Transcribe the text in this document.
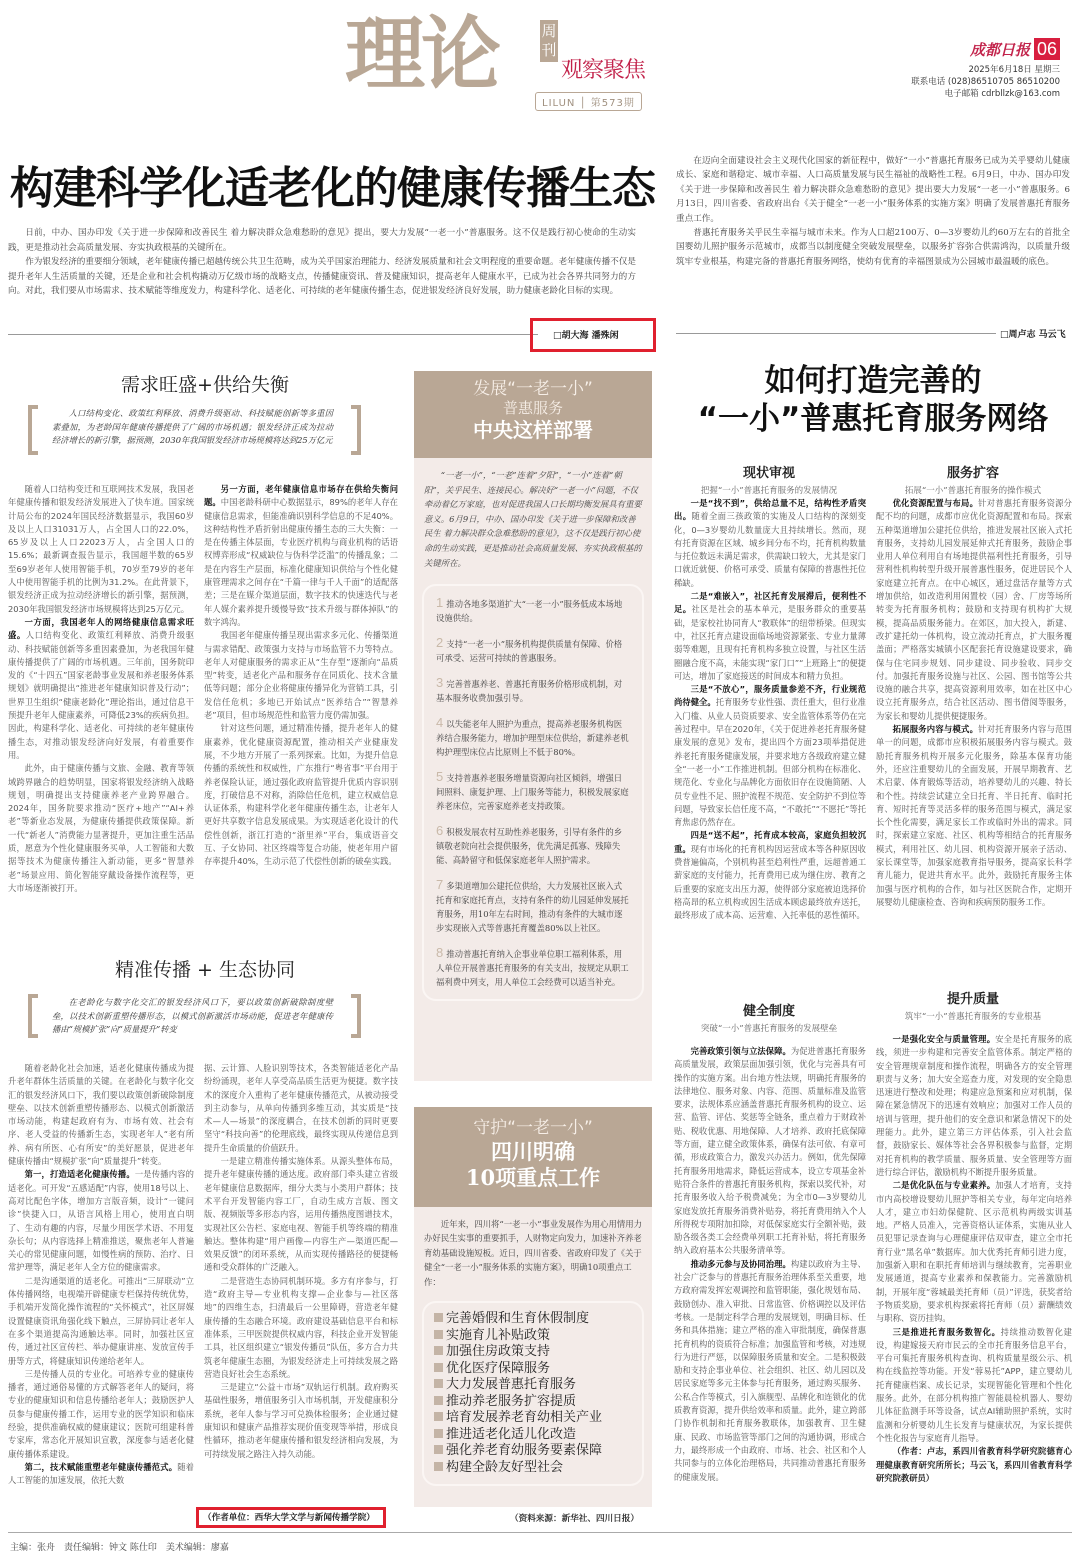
理论	周
刊
观察聚焦
LILUN │ 第573期
成都日报 06
2025年6月18日 星期三
联系电话 (028)86510705 86510200
电子邮箱 cdrbllzk@163.com
构建科学化适老化的健康传播生态

日前，中办、国办印发《关于进一步保障和改善民生 着力解决群众急难愁盼的意见》提出，要大力发展“一老一小”普惠服务。这不仅是践行初心使命的生动实践，更是推动社会高质量发展、夯实执政根基的关键所在。

作为银发经济的重要细分领域，老年健康传播已超越传统公共卫生范畴，成为关乎国家治理能力、经济发展质量和社会文明程度的重要命题。老年健康传播不仅是提升老年人生活质量的关键，还是企业和社会机构撬动万亿级市场的战略支点，传播健康资讯、普及健康知识，提高老年人健康水平，已成为社会各界共同努力的方向。对此，我们要从市场需求、技术赋能等维度发力，构建科学化、适老化、可持续的老年健康传播生态，促进银发经济良好发展，助力健康老龄化目标的实现。

□胡大海 潘殊闲

在迈向全面建设社会主义现代化国家的新征程中，做好“一小”普惠托育服务已成为关乎婴幼儿健康成长、家庭和谐稳定、城市幸福、人口高质量发展与民生福祉的战略性工程。6月9日，中办、国办印发《关于进一步保障和改善民生 着力解决群众急难愁盼的意见》提出要大力发展“一老一小”普惠服务。6月13日，四川省委、省政府出台《关于健全“一老一小”服务体系的实施方案》明确了发展普惠托育服务重点工作。

普惠托育服务关乎民生幸福与城市未来。作为人口超2100万、0—3岁婴幼儿约60万左右的首批全国婴幼儿照护服务示范城市，成都当以制度健全突破发展壁垒，以服务扩容弥合供需鸿沟，以质量升级筑牢专业根基，构建完备的普惠托育服务网络，使幼有优育的幸福图景成为公园城市最温暖的底色。

□周卢志 马云飞
需求旺盛+供给失衡

人口结构变化、政策红利释放、消费升级驱动、科技赋能创新等多重因素叠加，为老龄国年健康传播提供了广阔的市场机遇；银发经济正成为拉动经济增长的新引擎，据预测，2030年我国银发经济市场规模将达到25万亿元

随着人口结构变迁和互联网技术发展，我国老年健康传播和银发经济发展进入了快车道。国家统计局公布的2024年国民经济数据显示，我国60岁及以上人口31031万人，占全国人口的22.0%，65岁及以上人口22023万人，占全国人口的15.6%；最新调查报告显示，我国超半数的65岁至69岁老年人使用智能手机，70岁至79岁的老年人中使用智能手机的比例为31.2%。在此背景下，银发经济正成为拉动经济增长的新引擎，据预测，2030年我国银发经济市场规模将达到25万亿元。

一方面，我国老年人的网络健康信息需求旺盛。人口结构变化、政策红利释放、消费升级驱动、科技赋能创新等多重因素叠加，为老我国年健康传播提供了广阔的市场机遇。三年前，国务院印发的《“十四五”国家老龄事业发展和养老服务体系规划》就明确提出“推进老年健康知识普及行动”；世界卫生组织“健康老龄化”理论指出，通过信息干预提升老年人健康素养，可降低23%的疾病负担。因此，构建科学化、适老化、可持续的老年健康传播生态，对推动银发经济向好发展，有着重要作用。

此外，由于健康传播与文旅、金融、教育等领域跨界融合的趋势明显，国家将银发经济纳入战略规划，明确提出支持健康养老产业跨界融合。2024年，国务院要求推动“医疗+地产”“AI+养老”等新业态发展，为健康传播提供政策保障。新一代“新老人”消费能力显著提升，更加注重生活品质，愿意为个性化健康服务买单，人工智能和大数据等技术为健康传播注入新动能，更多“智慧养老”场景应用、简化智能穿戴设备操作流程等，更大市场逐渐被打开。

另一方面，老年健康信息市场存在供给失衡问题。中国老龄科研中心数据显示，89%的老年人存在健康信息需求，但能准确识别科学信息的不足40%。这种结构性矛盾折射出健康传播生态的三大失衡：一是在传播主体层面，专业医疗机构与商业机构的话语权博弈形成“权威缺位与伪科学泛滥”的传播乱象；二是在内容生产层面，标准化健康知识供给与个性化健康管理需求之间存在“千篇一律与千人千面”的适配落差；三是在媒介渠道层面，数字技术的快速迭代与老年人媒介素养提升缓慢导致“技术升级与群体掉队”的数字鸿沟。

我国老年健康传播呈现出需求多元化、传播渠道与需求错配、政策强力支持与市场监管不力等特点。老年人对健康服务的需求正从“生存型”逐渐向“品质型”转变，适老化产品和服务存在同质化、技术含量低等问题；部分企业将健康传播异化为营销工具，引发信任危机；多地已开始试点“医养结合”“智慧养老”项目，但市场规范性和监管力度仍需加强。

针对这些问题，通过精准传播，提升老年人的健康素养，优化健康资源配置，推动相关产业健康发展，不少地方开展了一系列探索。比如，为提升信息传播的系统性和权威性，广东推行“粤省事”平台用于养老保险认证，通过强化政府监管提升优质内容识别度，打破信息不对称，消除信任危机，建立权威信息认证体系，构建科学化老年健康传播生态，让老年人更好共享数字信息发展成果。为实现适老化设计的代偿性创新，浙江打造的“浙里养”平台，集成语音交互、子女协同、社区终端等复合功能，使老年用户留存率提升40%，生动示范了代偿性创新的破垒实践。

精准传播 + 生态协同

在老龄化与数字化交汇的银发经济风口下，要以政策创新破除制度壁垒，以技术创新重塑传播形态，以模式创新激活市场动能，促进老年健康传播由“规模扩张”向“质量提升”转变

随着老龄化社会加速，适老化健康传播成为提升老年群体生活质量的关键。在老龄化与数字化交汇的银发经济风口下，我们要以政策创新破除制度壁垒、以技术创新重塑传播形态、以模式创新激活市场动能，构建起政府有为、市场有效、社会有序、老人受益的传播新生态，实现老年人“老有所养、病有所医、心有所安”的美好愿景，促进老年健康传播由“规模扩张”向“质量提升”转变。

第一，打造适老化健康传播。一是传播内容的适老化。可开发“五感适配”内容，使用18号以上、高对比配色字体，增加方言版音频，设计“一键问诊”快捷入口，从语言风格上用心，使用直白明了、生动有趣的内容，尽量少用医学术语、不用复杂长句；从内容选择上精准推送，聚焦老年人普遍关心的常见健康问题，如慢性病的预防、治疗、日常护理等，满足老年人全方位的健康需求。

二是沟通渠道的适老化。可推出“三屏联动”立体传播网络，电视端开辟健康专栏保持传统优势，手机端开发简化操作流程的“关怀模式”，社区屏媒设置健康资讯角强化线下触点，三屏协同让老年人在多个渠道提高沟通触达率。同时，加强社区宣传，通过社区宣传栏、举办健康讲座、发放宣传手册等方式，将健康知识传递给老年人。

三是传播人员的专业化。可培养专业的健康传播者，通过通俗易懂的方式解答老年人的疑问，将专业的健康知识和信息传播给老年人；鼓励医护人员参与健康传播工作，运用专业的医学知识和临床经验，提供准确权威的健康建议；医院可组建科普专家库，常态化开展知识宣教，深度参与适老化健康传播体系建设。

第二，技术赋能重塑老年健康传播范式。随着人工智能的加速发展，依托大数

据、云计算、人脸识别等技术，各类智能适老化产品纷纷涌现，老年人享受高品质生活更为便捷。数字技术的深度介入重构了老年健康传播范式，从被动接受到主动参与，从单向传播到多维互动，其实质是“技术—人—场景”的深度耦合，在技术创新的同时更要坚守“科技向善”的伦理底线，最终实现从传递信息到提升生命质量的价值跃升。

一是建立精准传播实施体系。从源头整体布局，提升老年健康传播的通达度。政府部门牵头建立省级老年健康信息数据库，细分大类与小类用户群体；技术平台开发智能内容工厂，自动生成方言版、图文版、视频版等多形态内容，运用传播热度图谱技术，实现社区公告栏、家庭电视、智能手机等终端的精准触达。整体构建“用户画像—内容生产—渠道匹配—效果反馈”的闭环系统，从而实现传播路径的便捷畅通和受众群体的广泛融入。

二是营造生态协同机制环境。多方有序参与，打造“政府主导—专业机构支撑—企业参与—社区落地”的四维生态，扫清最后一公里障碍，营造老年健康传播的生态融合环境。政府建设基础信息平台和标准体系，三甲医院提供权威内容，科技企业开发智能工具，社区组织建立“银发传播员”队伍，多方合力共筑老年健康生态圈，为银发经济走上可持续发展之路营造良好社会生态系统。

三是建立“公益＋市场”双轨运行机制。政府购买基础性服务，增值服务引入市场机制，开发健康积分系统，老年人参与学习可兑换体检服务；企业通过健康知识和健康产品推荐实现价值变现等举措，形成良性循环，推动老年健康传播和银发经济相向发展，为可持续发展之路注入持久动能。

（作者单位：西华大学文学与新闻传播学院）
发展“一老一小”
普惠服务
中央这样部署

“一老一小”，“一老”连着“夕阳”，“一小”连着“朝阳”，关乎民生、连接民心。解决好“一老一小”问题，不仅牵动着亿万家庭，也对促进我国人口长期均衡发展具有重要意义。6月9日，中办、国办印发《关于进一步保障和改善民生 着力解决群众急难愁盼的意见》，这不仅是践行初心使命的生动实践，更是推动社会高质量发展、夯实执政根基的关键所在。

1 推动各地多渠道扩大“一老一小”服务低成本场地设施供给。

2 支持“一老一小”服务机构提供质量有保障、价格可承受、运营可持续的普惠服务。

3 完善普惠养老、普惠托育服务价格形成机制，对基本服务收费加强引导。

4 以失能老年人照护为重点，提高养老服务机构医养结合服务能力，增加护理型床位供给，新建养老机构护理型床位占比原则上不低于80%。

5 支持普惠养老服务增量资源向社区倾斜，增强日间照料、康复护理、上门服务等能力，积极发展家庭养老床位，完善家庭养老支持政策。

6 积极发展农村互助性养老服务，引导有条件的乡镇敬老院向社会提供服务，优先满足孤寡、残障失能、高龄留守和低保家庭老年人照护需求。

7 多渠道增加公建托位供给，大力发展社区嵌入式托育和家庭托育点，支持有条件的幼儿园延伸发展托育服务，用10年左右时间，推动有条件的大城市逐步实现嵌入式等普惠托育覆盖80%以上社区。

8 推动普惠托育纳入企事业单位职工福利体系，用人单位开展普惠托育服务的有关支出，按规定从职工福利费中列支，用人单位工会经费可以适当补充。

守护“一老一小”
四川明确
10项重点工作

近年来，四川将“一老一小”事业发展作为用心用情用力办好民生实事的重要抓手，人财物定向发力，加速补齐养老育幼基础设施短板。近日，四川省委、省政府印发了《关于健全“一老一小”服务体系的实施方案》，明确10项重点工作：

完善婚假和生育休假制度
实施育儿补贴政策
加强住房政策支持
优化医疗保障服务
大力发展普惠托育服务
推动养老服务扩容提质
培育发展养老育幼相关产业
推进适老化适儿化改造
强化养老育幼服务要素保障
构建全龄友好型社会
（资料来源：新华社、四川日报）
如何打造完善的
“一小”普惠托育服务网络
现状审视
把握“一小”普惠托育服务的发展情况

一是“找不到”，供给总量不足，结构性矛盾突出。随着全面三孩政策的实施及人口结构的深刻变化，0—3岁婴幼儿数量庞大且持续增长。然而，现有托育资源在区域、城乡间分布不均，托育机构数量与托位数远未满足需求，供需缺口较大，尤其是家门口就近就便、价格可承受、质量有保障的普惠性托位稀缺。

二是“难嵌入”，社区托育发展滞后，便利性不足。社区是社会的基本单元，是服务群众的重要基础，是家校社协同育人“教联体”的纽带桥梁。但现实中，社区托育点建设面临场地资源紧张、专业力量薄弱等难题，且现有托育机构多独立设置，与社区生活圈融合度不高，未能实现“家门口”“上班路上”的便捷可达，增加了家庭接送的时间成本和精力负担。

三是“不放心”，服务质量参差不齐，行业规范尚待健全。托育服务专业性强、责任重大，但行业准入门槛、从业人员资质要求、安全监管体系等仍在完善过程中。早在2020年，《关于促进养老托育服务健康发展的意见》发布，提出四个方面23项举措促进养老托育服务健康发展，并要求地方各级政府建立健全“一老一小”工作推进机制。但部分机构在标准化、规范化、专业化与品牌化方面依旧存在设施简陋、人员专业性不足、照护流程不规范、安全防护不到位等问题，导致家长信任度不高，“不敢托”“不愿托”等托育焦虑仍然存在。

四是“送不起”，托育成本较高，家庭负担较沉重。现有市场化的托育机构因运营成本等各种原因收费普遍偏高，个别机构甚至趋利性严重，远超普通工薪家庭的支付能力，托育费用已成为继住房、教育之后重要的家庭支出压力源，使得部分家庭被迫选择价格高昂的私立机构或因生活成本顾虑最终放弃送托，最终形成了成本高、运营难、入托率低的恶性循环。

服务扩容
拓展“一小”普惠托育服务的操作模式

优化资源配置与布局。针对普惠托育服务资源分配不均的问题，成都市应优化资源配置和布局。探索五种渠道增加公建托位供给，推进发展社区嵌入式托育服务，支持幼儿园发展延伸式托育服务，鼓励企事业用人单位利用自有场地提供福利性托育服务，引导营利性机构转型升级开展普惠性服务，促进居民个人家庭建立托育点。在中心城区，通过盘活存量等方式增加供给，如改造利用闲置校（园）舍、厂房等场所转变为托育服务机构；鼓励和支持现有机构扩大规模，提高品质服务能力。在郊区，加大投入，新建、改扩建托幼一体机构，设立流动托育点，扩大服务覆盖面；严格落实城镇小区配套托育设施建设要求，确保与住宅同步规划、同步建设、同步验收、同步交付。加强托育服务设施与社区、公园、图书馆等公共设施的融合共享，提高资源利用效率，如在社区中心设立托育服务点，结合社区活动、图书借阅等服务，为家长和婴幼儿提供便捷服务。

拓展服务内容与模式。针对托育服务内容与范围单一的问题，成都市应积极拓展服务内容与模式。鼓励托育服务机构开展多元化服务，除基本保育功能外，还应注重婴幼儿的全面发展，开展早期教育、艺术启蒙、体育锻炼等活动，培养婴幼儿的兴趣、特长和个性。持续尝试建立全日托育、半日托育、临时托育、短时托育等灵活多样的服务范围与模式，满足家长个性化需要，满足家长工作或临时外出的需求。同时，探索建立家庭、社区、机构等相结合的托育服务模式，利用社区、幼儿园、机构资源开展亲子活动、家长课堂等，加强家庭教育指导服务，提高家长科学育儿能力，促进共育水平。此外，鼓励托育服务主体加强与医疗机构的合作，如与社区医院合作，定期开展婴幼儿健康检查、咨询和疾病预防服务工作。

健全制度
突破“一小”普惠托育服务的发展壁垒

完善政策引领与立法保障。为促进普惠托育服务高质量发展，政策层面加强引领，优化与完善具有可操作的实施方案。出台地方性法规，明确托育服务的法律地位、服务对象、内容、范围、质量标准及监管要求，法规体系应涵盖普惠托育服务机构的设立、运营、监管、评估、奖惩等全链条，重点着力于财政补贴、税收优惠、用地保障、人才培养、政府托底保障等方面，建立健全政策体系，确保有法可依、有章可循，形成政策合力，激发兴办活力。例如，优先保障托育服务用地需求，降低运营成本，设立专项基金补贴符合条件的普惠托育服务机构，探索以奖代补，对托育服务收入给予税费减免；为全市0—3岁婴幼儿家庭发放托育服务消费补贴券，将托育费用纳入个人所得税专项附加扣除，对低保家庭实行全额补贴，鼓励各级各类工会经费单列职工托育补贴，将托育服务纳入政府基本公共服务清单等。

推动多元参与及协同治理。构建以政府为主导、社会广泛参与的普惠托育服务治理体系至关重要，地方政府需发挥宏观调控和监管职能，强化规划布局、鼓励创办、准入审批、日常监管、价格调控以及评估考核。一是制定科学合理的发展规划，明确目标、任务和具体措施；建立严格的准入审批制度，确保普惠托育机构的资质符合标准；加强监管和考核，对违规行为进行严惩，以保障服务质量和安全。二是积极鼓励和支持企事业单位、社会组织、社区、幼儿园以及居民家庭等多元主体参与托育服务，通过购买服务、公私合作等模式，引入旗舰型、品牌化和连锁化的优质教育资源，提升供给效率和质量。此外，建立跨部门协作机制和托育服务教联体，加强教育、卫生健康、民政、市场监管等部门之间的沟通协调，形成合力，最终形成一个由政府、市场、社会、社区和个人共同参与的立体化治理格局，共同推动普惠托育服务的健康发展。

提升质量
筑牢“一小”普惠托育服务的专业根基

一是强化安全与质量管理。安全是托育服务的底线，须进一步构建和完善安全监管体系。制定严格的安全管理规章制度和操作流程，明确各方的安全管理职责与义务；加大安全巡查力度，对发现的安全隐患迅速进行整改和处理；构建应急预案和应对机制，保障在紧急情况下的迅速有效响应；加强对工作人员的培训与管理，提升他们的安全意识和紧急情况下的处理能力。此外，建立第三方评估体系，引入社会监督，鼓励家长、媒体等社会各界积极参与监督，定期对托育机构的教学质量、服务质量、安全管理等方面进行综合评估，激励机构不断提升服务质量。

二是优化队伍与专业素养。加强人才培育，支持市内高校增设婴幼儿照护等相关专业，每年定向培养人才，建立市妇幼保健院、区示范机构两级实训基地。严格人员准入，完善资格认证体系，实施从业人员犯罪记录查询与心理健康评估双审查，建立全市托育行业“黑名单”数据库。加大优秀托育师引进力度，加强新入职和在职托育师培训与继续教育，完善职业发展通道，提高专业素养和保教能力。完善激励机制，开展年度“蓉城最美托育师（员）”评选，获奖者给予物质奖励，要求机构探索将托育师（员）薪酬绩效与职称、资历挂钩。

三是推进托育服务数智化。持续推动数智化建设，构建嫁接天府市民云的全市托育服务信息平台，平台可集托育服务机构查询、机构质量星级公示、机构在线监控等功能。开发“蓉易托”APP，建立婴幼儿托育健康档案、成长记录，实现智能化管理和个性化服务。此外，在部分机构推广智能晨检机器人、婴幼儿体征监测手环等设备，试点AI辅助照护系统，实时监测和分析婴幼儿生长发育与健康状况，为家长提供个性化报告与家庭育儿指导。

（作者：卢志，系四川省教育科学研究院德育心理健康教育研究所所长；马云飞，系四川省教育科学研究院教研员）

主编：张舟　责任编辑：钟文 陈仕印　美术编辑：廖嘉
